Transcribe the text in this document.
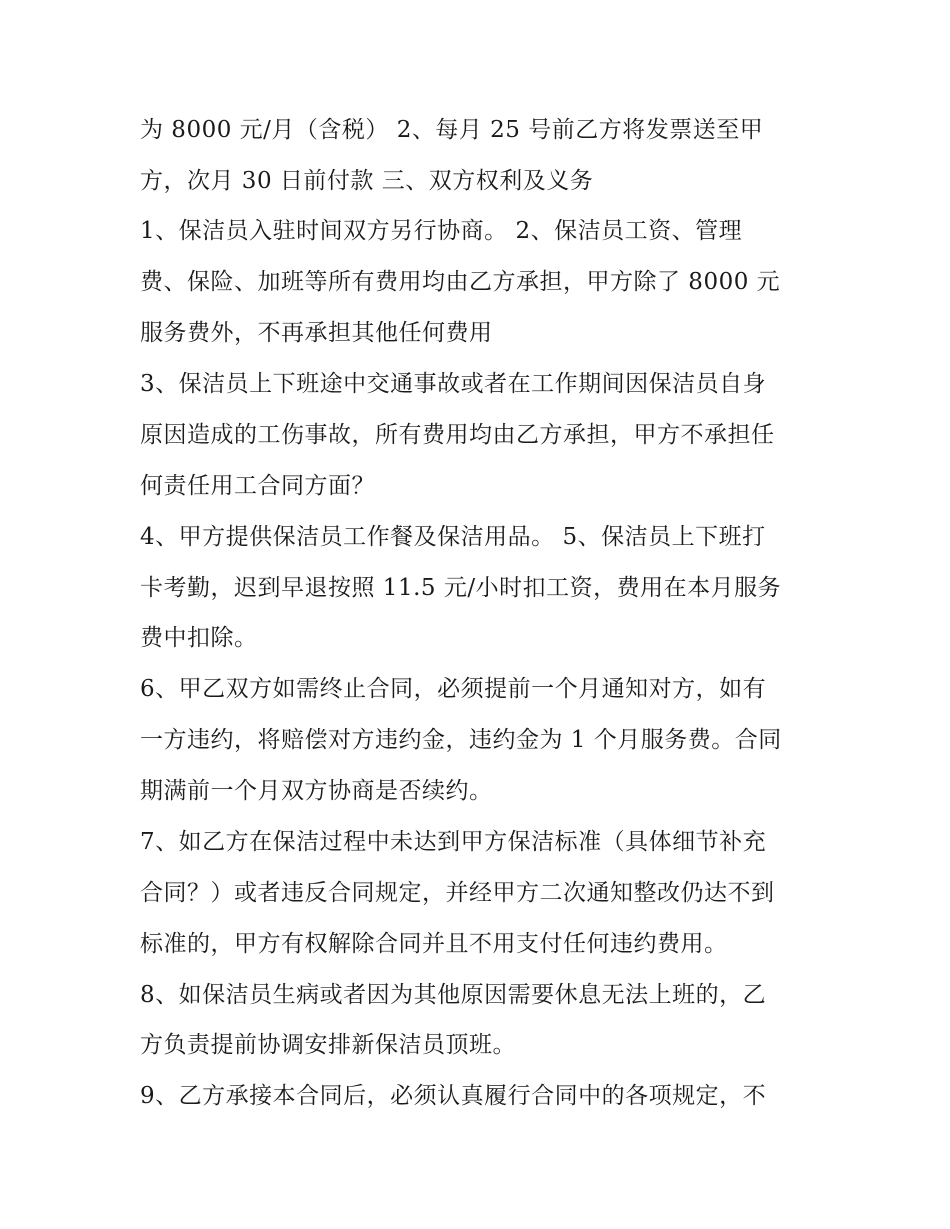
为 8000 元/月（含税） 2、每月 25 号前乙方将发票送至甲
方，次月 30 日前付款 三、双方权利及义务
1、保洁员入驻时间双方另行协商。 2、保洁员工资、管理
费、保险、加班等所有费用均由乙方承担，甲方除了 8000 元
服务费外，不再承担其他任何费用
3、保洁员上下班途中交通事故或者在工作期间因保洁员自身
原因造成的工伤事故，所有费用均由乙方承担，甲方不承担任
何责任用工合同方面？
4、甲方提供保洁员工作餐及保洁用品。 5、保洁员上下班打
卡考勤，迟到早退按照 11.5 元/小时扣工资，费用在本月服务
费中扣除。
6、甲乙双方如需终止合同，必须提前一个月通知对方，如有
一方违约，将赔偿对方违约金，违约金为 1 个月服务费。合同
期满前一个月双方协商是否续约。
7、如乙方在保洁过程中未达到甲方保洁标准（具体细节补充
合同？）或者违反合同规定，并经甲方二次通知整改仍达不到
标准的，甲方有权解除合同并且不用支付任何违约费用。
8、如保洁员生病或者因为其他原因需要休息无法上班的，乙
方负责提前协调安排新保洁员顶班。
9、乙方承接本合同后，必须认真履行合同中的各项规定，不
